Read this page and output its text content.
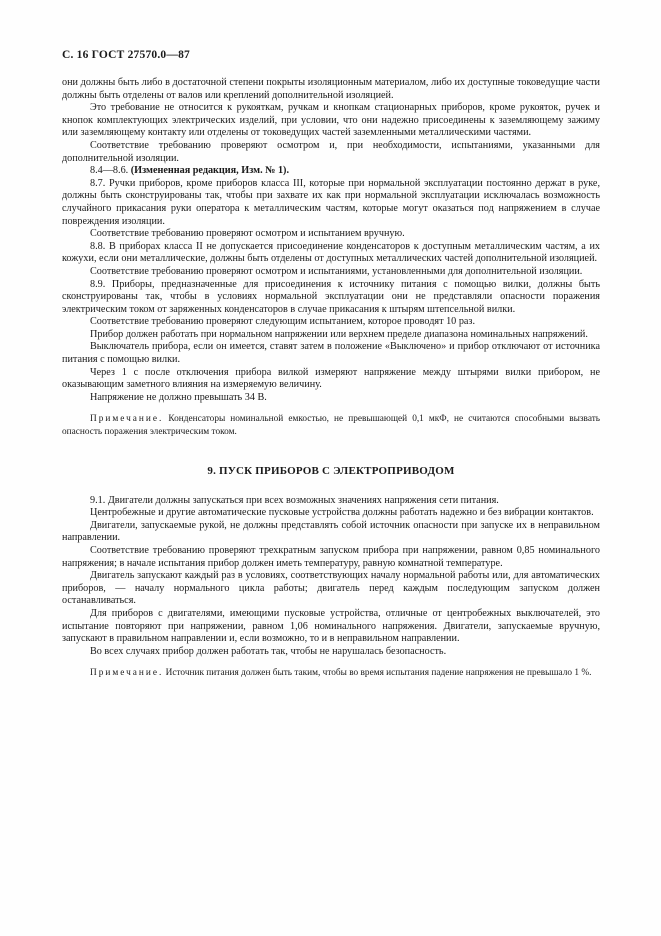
С. 16 ГОСТ 27570.0—87

они должны быть либо в достаточной степени покрыты изоляционным материалом, либо их доступные токоведущие части должны быть отделены от валов или креплений дополнительной изоляцией.

Это требование не относится к рукояткам, ручкам и кнопкам стационарных приборов, кроме рукояток, ручек и кнопок комплектующих электрических изделий, при условии, что они надежно присоединены к заземляющему зажиму или заземляющему контакту или отделены от токоведущих частей заземленными металлическими частями.

Соответствие требованию проверяют осмотром и, при необходимости, испытаниями, указанными для дополнительной изоляции.

8.4—8.6. (Измененная редакция, Изм. № 1).

8.7. Ручки приборов, кроме приборов класса III, которые при нормальной эксплуатации постоянно держат в руке, должны быть сконструированы так, чтобы при захвате их как при нормальной эксплуатации исключалась возможность случайного прикасания руки оператора к металлическим частям, которые могут оказаться под напряжением в случае повреждения изоляции.

Соответствие требованию проверяют осмотром и испытанием вручную.

8.8. В приборах класса II не допускается присоединение конденсаторов к доступным металлическим частям, а их кожухи, если они металлические, должны быть отделены от доступных металлических частей дополнительной изоляцией.

Соответствие требованию проверяют осмотром и испытаниями, установленными для дополнительной изоляции.

8.9. Приборы, предназначенные для присоединения к источнику питания с помощью вилки, должны быть сконструированы так, чтобы в условиях нормальной эксплуатации они не представляли опасности поражения электрическим током от заряженных конденсаторов в случае прикасания к штырям штепсельной вилки.

Соответствие требованию проверяют следующим испытанием, которое проводят 10 раз.

Прибор должен работать при нормальном напряжении или верхнем пределе диапазона номинальных напряжений.

Выключатель прибора, если он имеется, ставят затем в положение «Выключено» и прибор отключают от источника питания с помощью вилки.

Через 1 с после отключения прибора вилкой измеряют напряжение между штырями вилки прибором, не оказывающим заметного влияния на измеряемую величину.

Напряжение не должно превышать 34 В.

Примечание. Конденсаторы номинальной емкостью, не превышающей 0,1 мкФ, не считаются способными вызвать опасность поражения электрическим током.

9. ПУСК ПРИБОРОВ С ЭЛЕКТРОПРИВОДОМ

9.1. Двигатели должны запускаться при всех возможных значениях напряжения сети питания.

Центробежные и другие автоматические пусковые устройства должны работать надежно и без вибрации контактов.

Двигатели, запускаемые рукой, не должны представлять собой источник опасности при запуске их в неправильном направлении.

Соответствие требованию проверяют трехкратным запуском прибора при напряжении, равном 0,85 номинального напряжения; в начале испытания прибор должен иметь температуру, равную комнатной температуре.

Двигатель запускают каждый раз в условиях, соответствующих началу нормальной работы или, для автоматических приборов, — началу нормального цикла работы; двигатель перед каждым последующим запуском должен останавливаться.

Для приборов с двигателями, имеющими пусковые устройства, отличные от центробежных выключателей, это испытание повторяют при напряжении, равном 1,06 номинального напряжения. Двигатели, запускаемые вручную, запускают в правильном направлении и, если возможно, то и в неправильном направлении.

Во всех случаях прибор должен работать так, чтобы не нарушалась безопасность.

Примечание. Источник питания должен быть таким, чтобы во время испытания падение напряжения не превышало 1 %.
